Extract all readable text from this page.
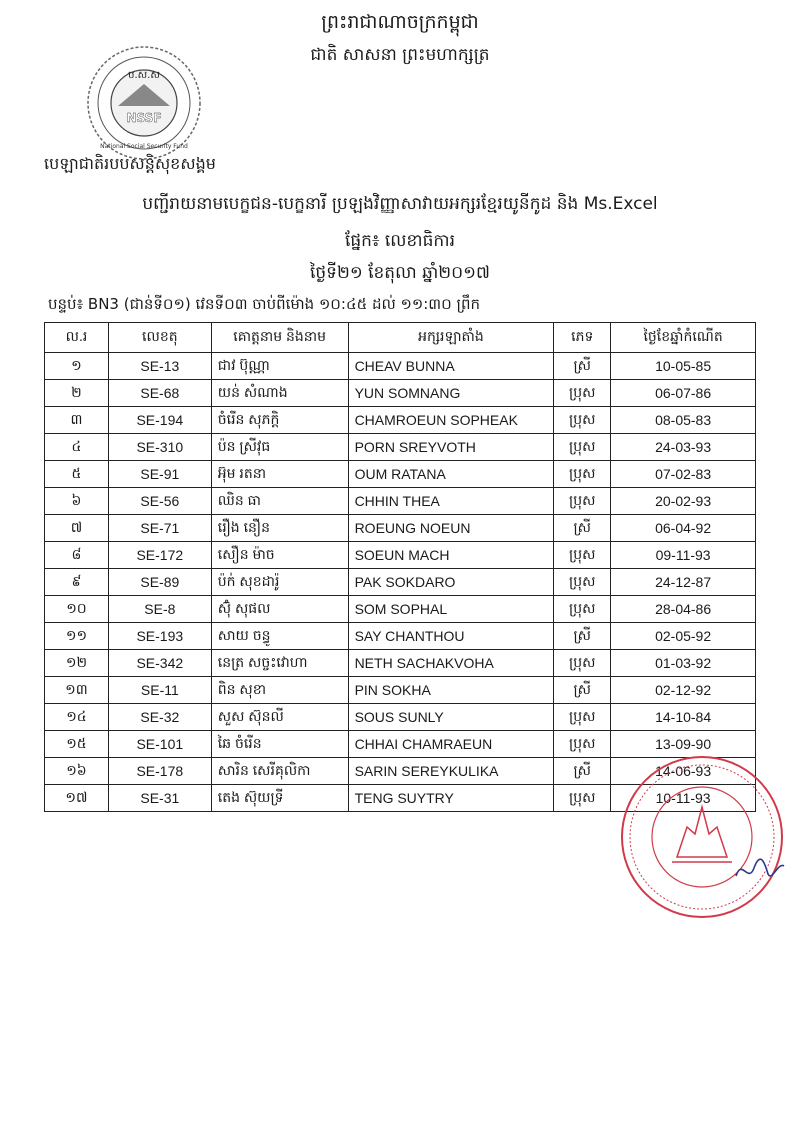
ព្រះរាជាណាចក្រកម្ពុជា
ជាតិ សាសនា ព្រះមហាក្សត្រ
ប.ស.ស
NSSF
National Social Security Fund
បេឡាជាតិរបបសន្តិសុខសង្គម
បញ្ជីរាយនាមបេក្ខជន-បេក្ខនារី ប្រឡងវិញ្ញាសាវាយអក្សរខ្មែរយូនីកូដ និង Ms.Excel
ផ្នែក៖ លេខាធិការ
ថ្ងៃទី២១ ខែតុលា ឆ្នាំ២០១៧
បន្ទប់៖ BN3 (ជាន់ទី០១) វេនទី០៣ ចាប់ពីម៉ោង ១០:៤៥ ដល់ ១១:៣០ ព្រឹក
ល.រ	លេខតុ	គោត្តនាម និងនាម	អក្សរឡាតាំង	ភេទ	ថ្ងៃខែឆ្នាំកំណើត
១	SE-13	ជាវ ប៊ុណ្ណា	CHEAV BUNNA	ស្រី	10-05-85
២	SE-68	យន់ សំណាង	YUN SOMNANG	ប្រុស	06-07-86
៣	SE-194	ចំរើន សុភក្តិ	CHAMROEUN SOPHEAK	ប្រុស	08-05-83
៤	SE-310	ប៉ន ស្រីវុធ	PORN SREYVOTH	ប្រុស	24-03-93
៥	SE-91	អ៊ុម រតនា	OUM RATANA	ប្រុស	07-02-83
៦	SE-56	ឈិន ធា	CHHIN THEA	ប្រុស	20-02-93
៧	SE-71	រឿង នឿន	ROEUNG NOEUN	ស្រី	06-04-92
៨	SE-172	សឿន ម៉ាច	SOEUN MACH	ប្រុស	09-11-93
៩	SE-89	ប៉ក់ សុខដារ៉ូ	PAK SOKDARO	ប្រុស	24-12-87
១០	SE-8	ស៊ុំ សុផល	SOM SOPHAL	ប្រុស	28-04-86
១១	SE-193	សាយ ចន្ធូ	SAY CHANTHOU	ស្រី	02-05-92
១២	SE-342	នេត្រ សច្ចះវោហា	NETH SACHAKVOHA	ប្រុស	01-03-92
១៣	SE-11	ពិន សុខា	PIN SOKHA	ស្រី	02-12-92
១៤	SE-32	សួស ស៊ុនលី	SOUS SUNLY	ប្រុស	14-10-84
១៥	SE-101	ឆៃ ចំរើន	CHHAI CHAMRAEUN	ប្រុស	13-09-90
១៦	SE-178	សារិន សេរីគុលិកា	SARIN SEREYKULIKA	ស្រី	14-06-93
១៧	SE-31	តេង ស៊ុយទ្រី	TENG SUYTRY	ប្រុស	10-11-93
